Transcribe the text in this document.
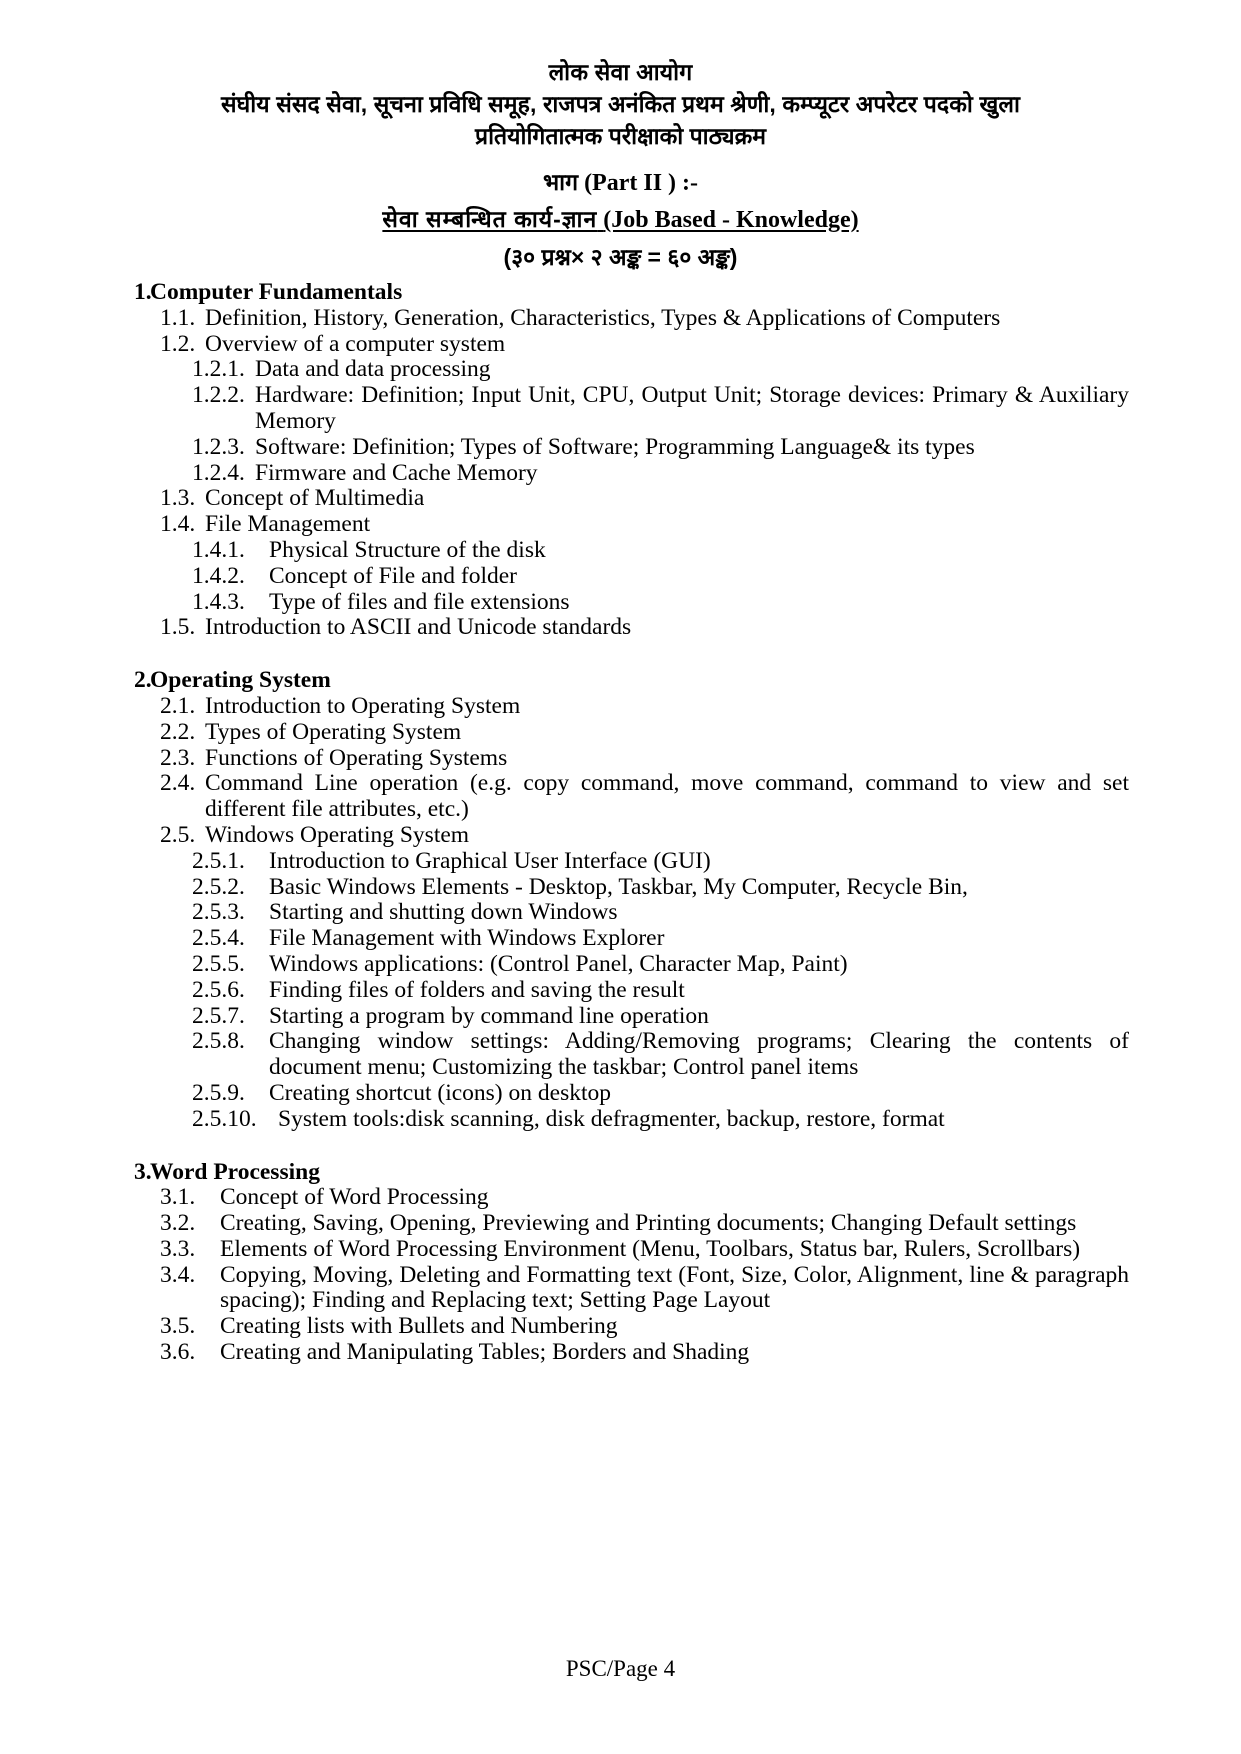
लोक सेवा आयोग
संघीय संसद सेवा, सूचना प्रविधि समूह, राजपत्र अनंकित प्रथम श्रेणी, कम्प्यूटर अपरेटर पदको खुला
प्रतियोगितात्मक परीक्षाको पाठ्यक्रम
भाग (Part II ) :-
सेवा सम्बन्धित कार्य-ज्ञान (Job Based - Knowledge)
(३० प्रश्न× २ अङ्क = ६० अङ्क)
1.
Computer Fundamentals
1.1. Definition, History, Generation, Characteristics, Types & Applications of Computers
1.2. Overview of a computer system
1.2.1. Data and data processing
1.2.2. Hardware: Definition; Input Unit, CPU, Output Unit; Storage devices: Primary & Auxiliary Memory
1.2.3. Software: Definition; Types of Software; Programming Language& its types
1.2.4. Firmware and Cache Memory
1.3. Concept of Multimedia
1.4. File Management
1.4.1.	Physical Structure of the disk
1.4.2.	Concept of File and folder
1.4.3.	Type of files and file extensions
1.5. Introduction to ASCII and Unicode standards
2.
Operating System
2.1. Introduction to Operating System
2.2. Types of Operating System
2.3. Functions of Operating Systems
2.4. Command Line operation (e.g. copy command, move command, command to view and set different file attributes, etc.)
2.5. Windows Operating System
2.5.1.	Introduction to Graphical User Interface (GUI)
2.5.2.	Basic Windows Elements - Desktop, Taskbar, My Computer, Recycle Bin,
2.5.3.	Starting and shutting down Windows
2.5.4.	File Management with Windows Explorer
2.5.5.	Windows applications: (Control Panel, Character Map, Paint)
2.5.6.	Finding files of folders and saving the result
2.5.7.	Starting a program by command line operation
2.5.8.	Changing window settings: Adding/Removing programs; Clearing the contents of document menu; Customizing the taskbar; Control panel items
2.5.9.	Creating shortcut (icons) on desktop
2.5.10. System tools:disk scanning, disk defragmenter, backup, restore, format
3.
Word Processing
3.1.	Concept of Word Processing
3.2.	Creating, Saving, Opening, Previewing and Printing documents; Changing Default settings
3.3.	Elements of Word Processing Environment (Menu, Toolbars, Status bar, Rulers, Scrollbars)
3.4.	Copying, Moving, Deleting and Formatting text (Font, Size, Color, Alignment, line & paragraph spacing); Finding and Replacing text; Setting Page Layout
3.5.	Creating lists with Bullets and Numbering
3.6.	Creating and Manipulating Tables; Borders and Shading
PSC/Page 4
